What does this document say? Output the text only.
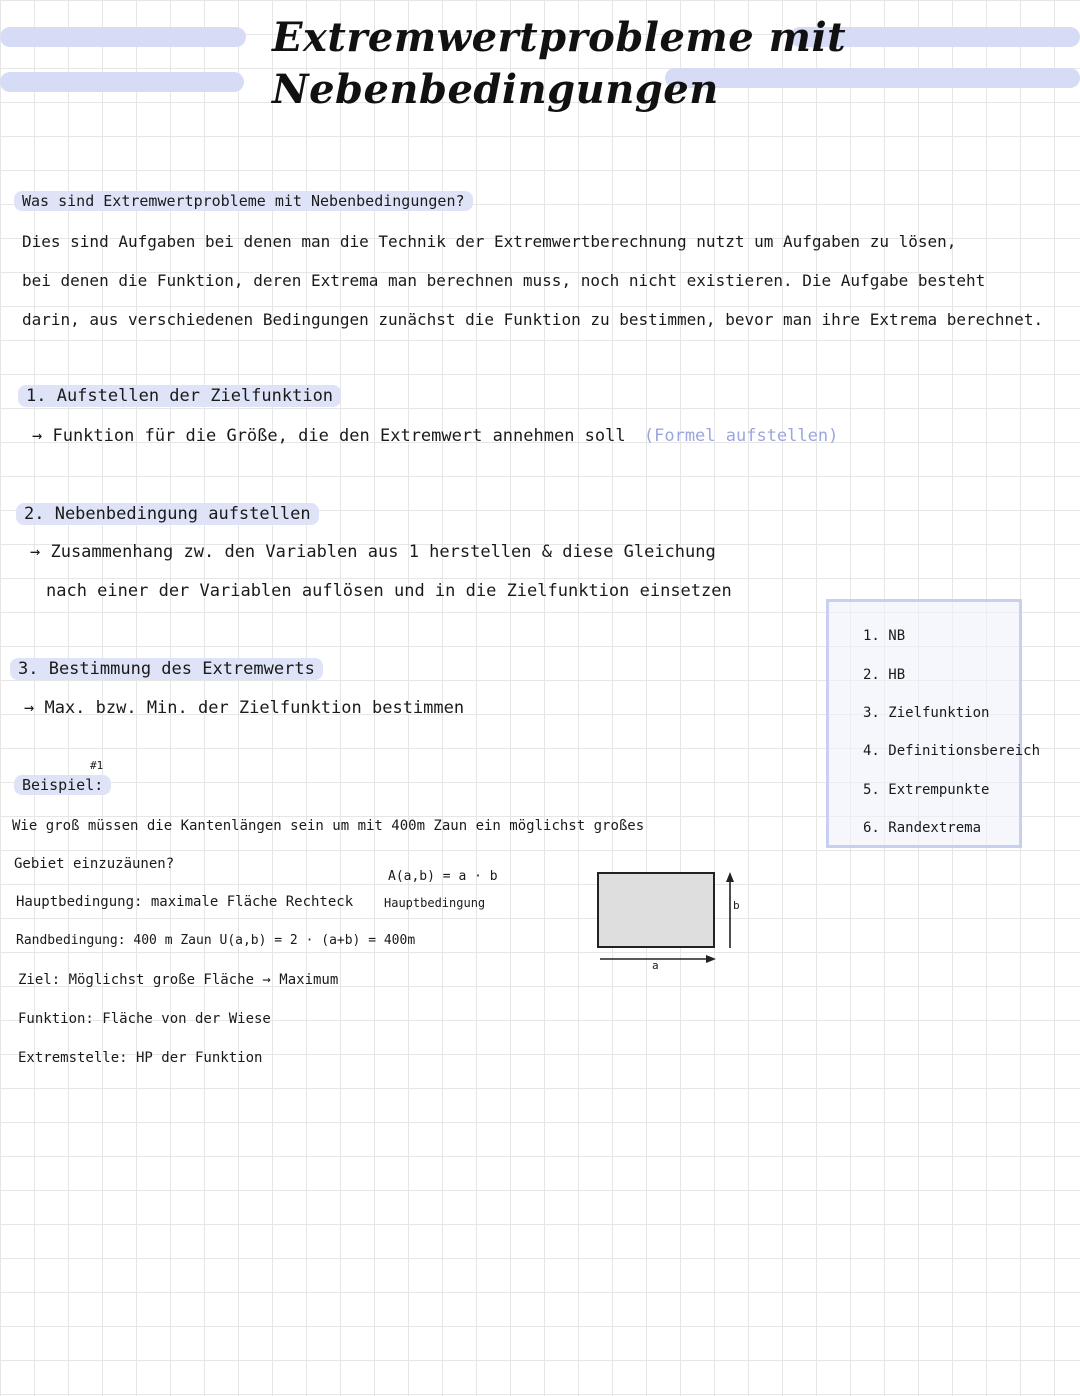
Extremwertprobleme mit
Nebenbedingungen
Was sind Extremwertprobleme mit Nebenbedingungen?
Dies sind Aufgaben bei denen man die Technik der Extremwertberechnung nutzt um Aufgaben zu lösen,
bei denen die Funktion, deren Extrema man berechnen muss, noch nicht existieren. Die Aufgabe besteht
darin, aus verschiedenen Bedingungen zunächst die Funktion zu bestimmen, bevor man ihre Extrema berechnet.
1. Aufstellen der Zielfunktion
→ Funktion für die Größe, die den Extremwert annehmen soll (Formel aufstellen)
2. Nebenbedingung aufstellen
→ Zusammenhang zw. den Variablen aus 1 herstellen & diese Gleichung
nach einer der Variablen auflösen und in die Zielfunktion einsetzen
3. Bestimmung des Extremwerts
→ Max. bzw. Min. der Zielfunktion bestimmen
1. NB
2. HB
3. Zielfunktion
4. Definitionsbereich
5. Extrempunkte
6. Randextrema
#1
Beispiel:
Wie groß müssen die Kantenlängen sein um mit 400m Zaun ein möglichst großes
Gebiet einzuzäunen?
A(a,b) = a · b
Hauptbedingung
Hauptbedingung: maximale Fläche Rechteck
Randbedingung: 400 m Zaun U(a,b) = 2 · (a+b) = 400m
Ziel: Möglichst große Fläche → Maximum
Funktion: Fläche von der Wiese
Extremstelle: HP der Funktion
b
a
